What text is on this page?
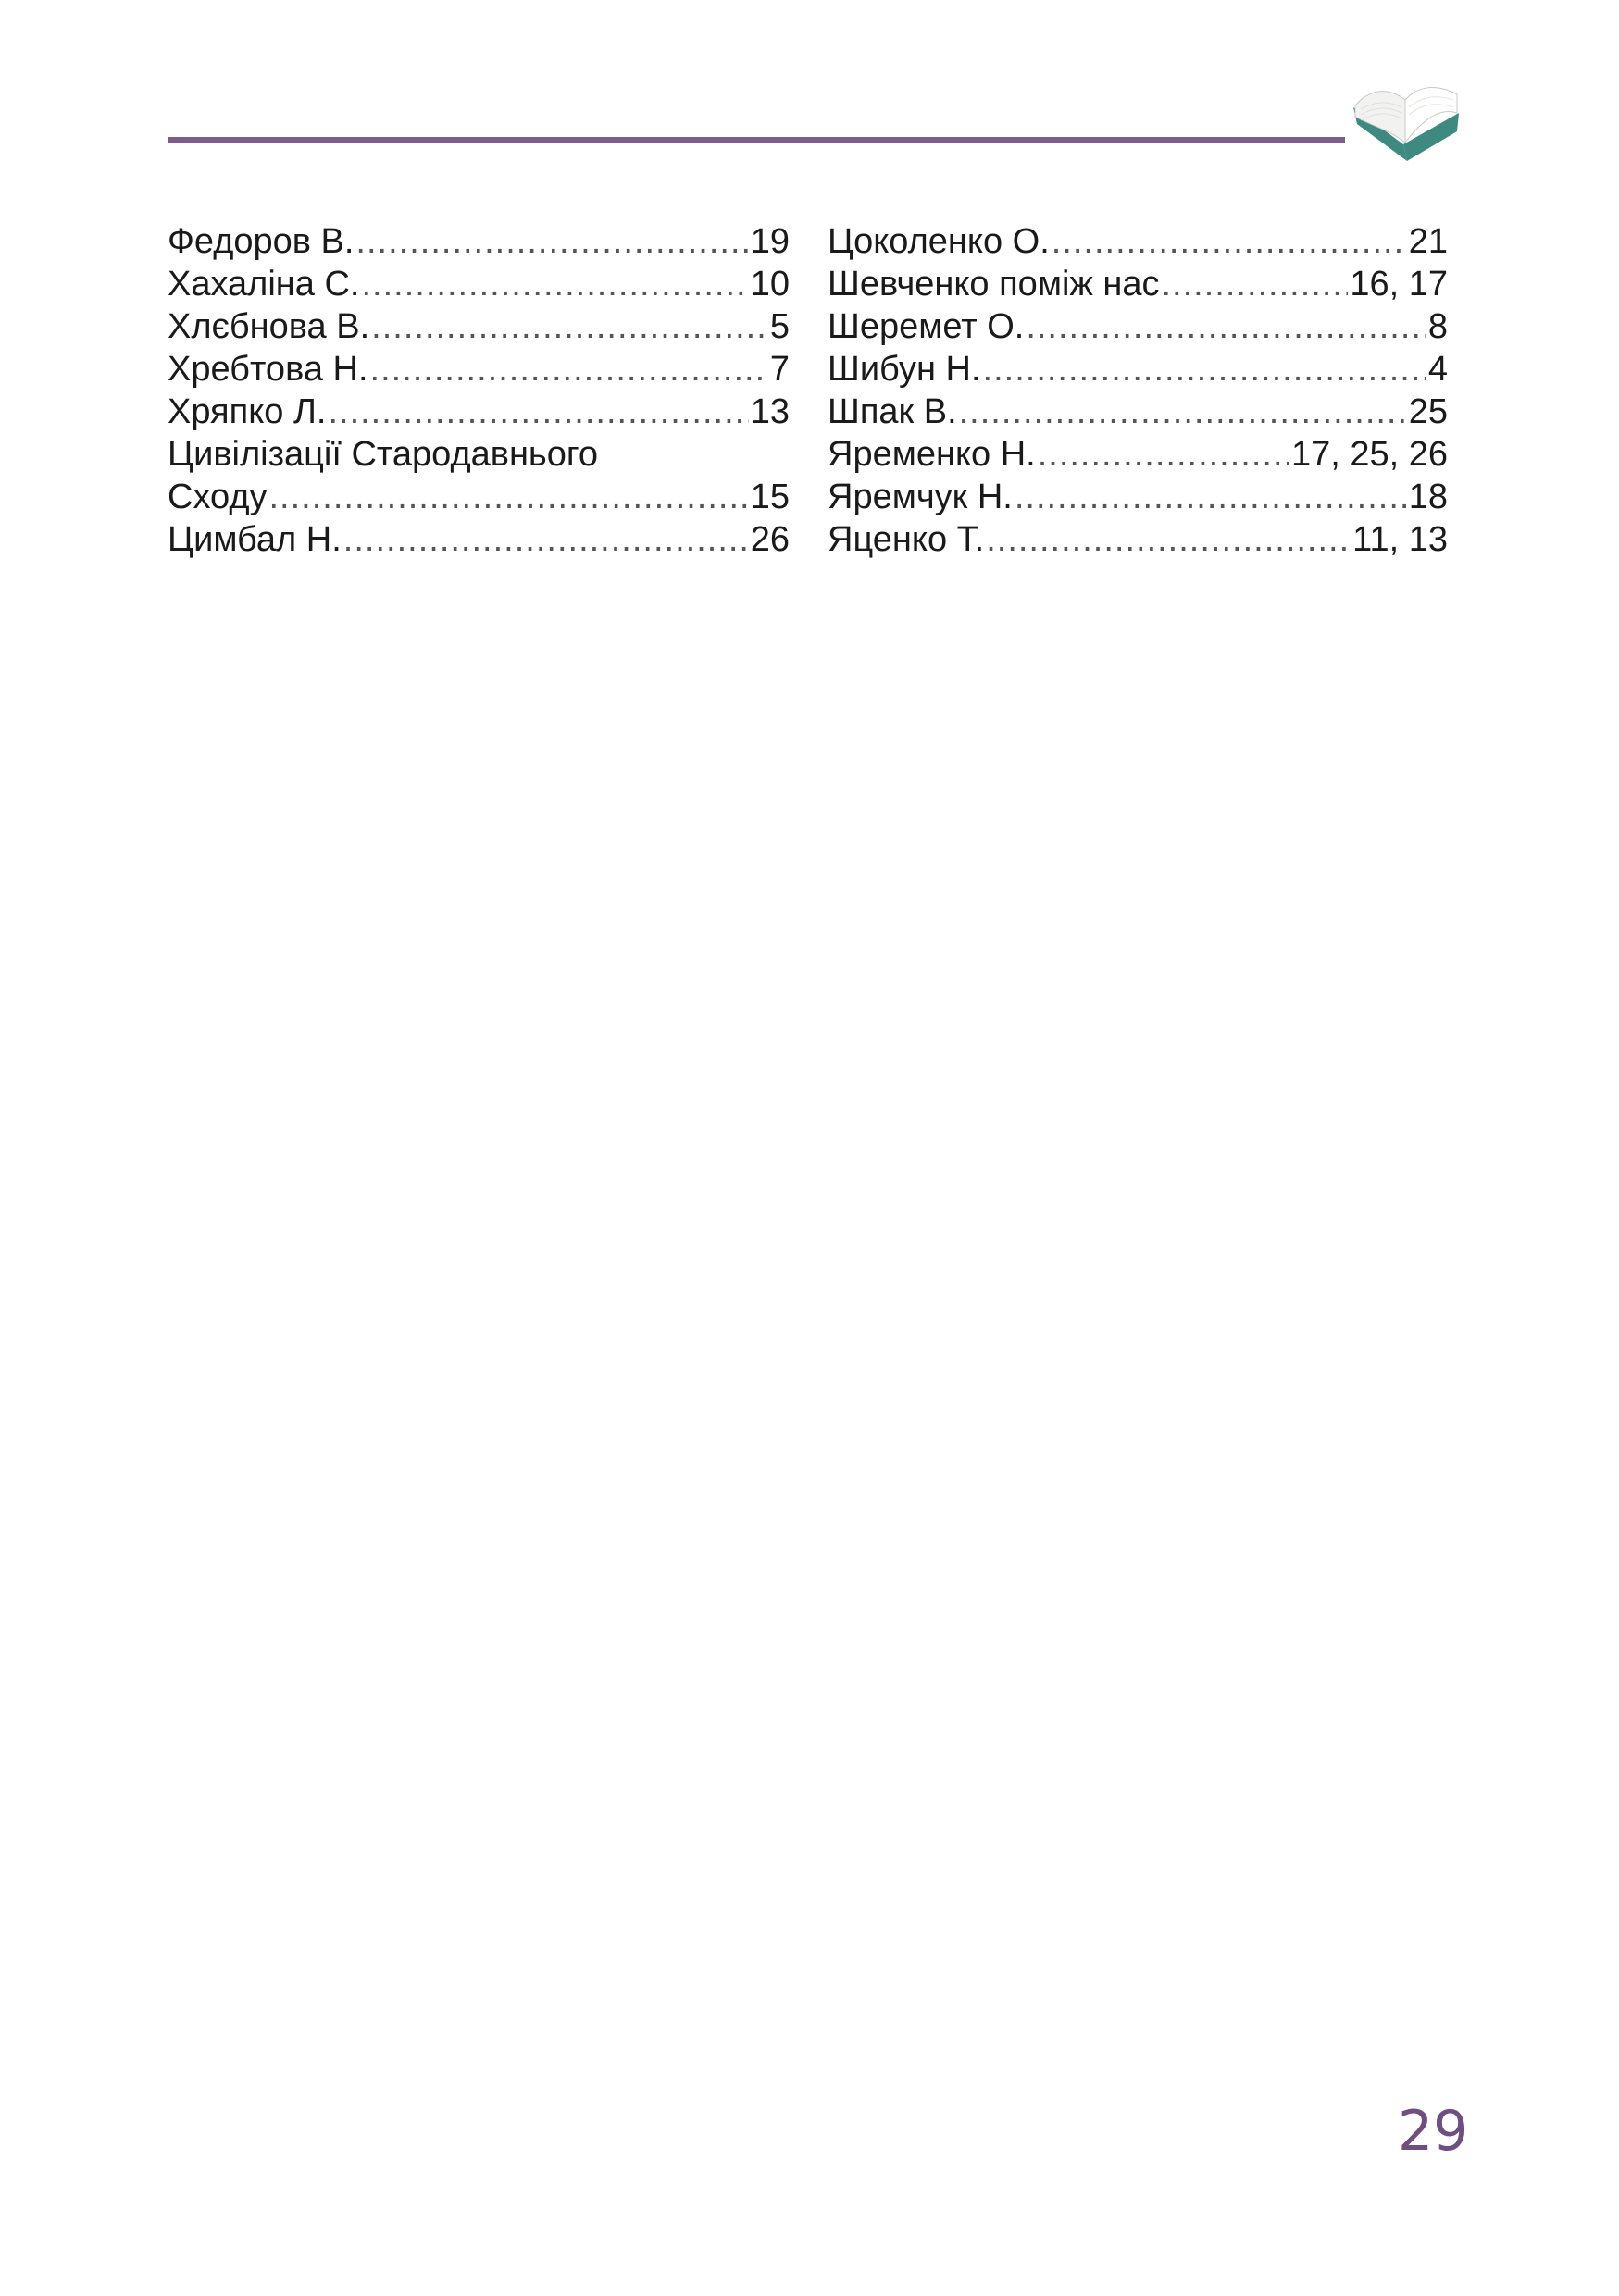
Федоров В. .....	19
Хахаліна С. .....	10
Хлєбнова В. .....	5
Хребтова Н. .....	7
Хряпко Л. .....	13
Цивілізації Стародавнього
Сходу .....	15
Цимбал Н. .....	26
Цоколенко О. .....	21
Шевченко поміж нас .....	16, 17
Шеремет О. .....	8
Шибун Н. .....	4
Шпак В. .....	25
Яременко Н. .....	17, 25, 26
Яремчук Н. .....	18
Яценко Т. .....	11, 13
29
